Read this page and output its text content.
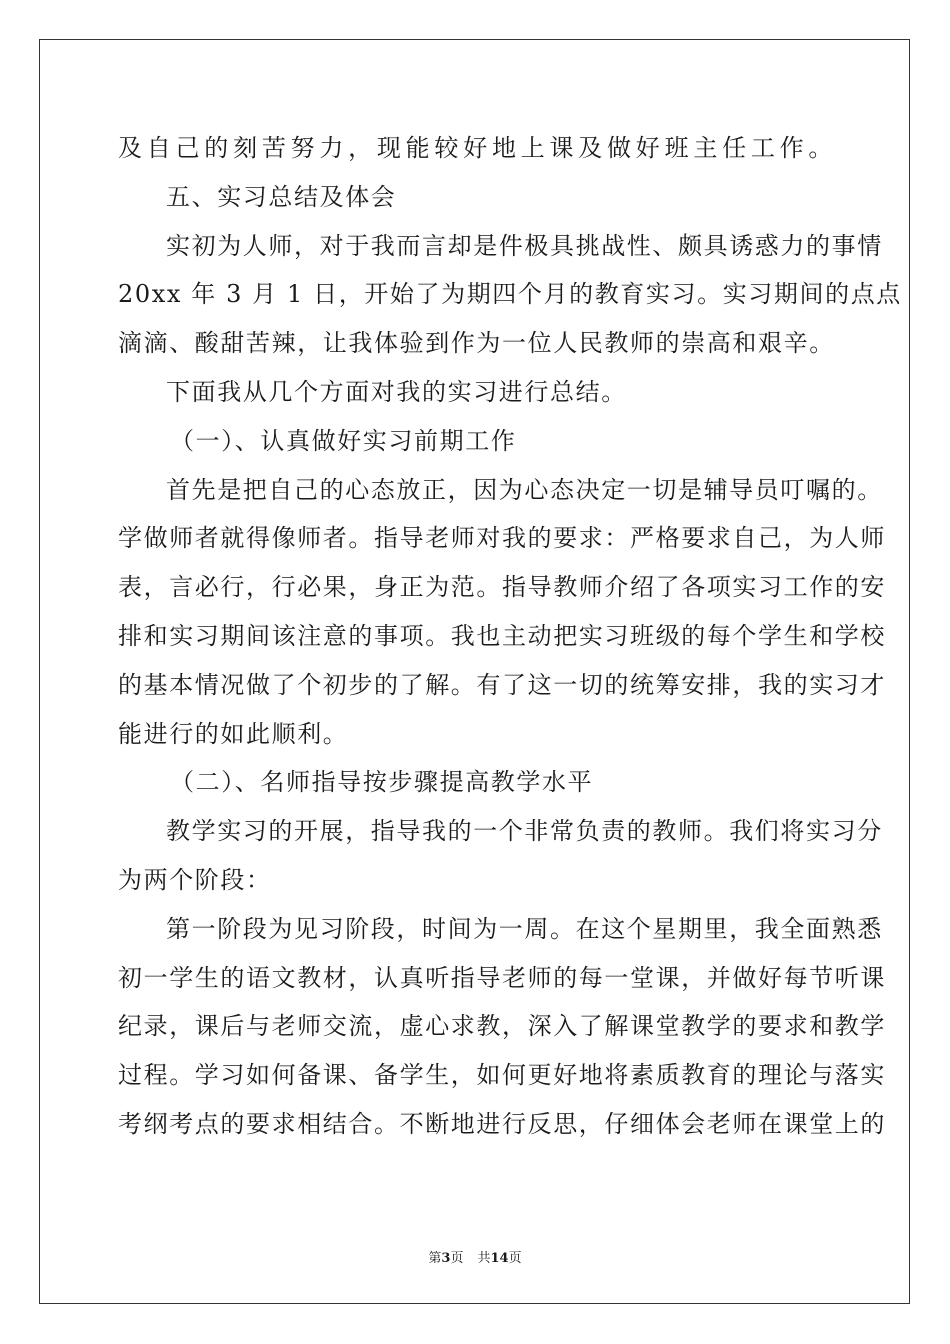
及自己的刻苦努力，现能较好地上课及做好班主任工作。
五、实习总结及体会
实初为人师，对于我而言却是件极具挑战性、颇具诱惑力的事情
20xx 年 3 月 1 日，开始了为期四个月的教育实习。实习期间的点点
滴滴、酸甜苦辣，让我体验到作为一位人民教师的崇高和艰辛。
下面我从几个方面对我的实习进行总结。
（一）、认真做好实习前期工作
首先是把自己的心态放正，因为心态决定一切是辅导员叮嘱的。
学做师者就得像师者。指导老师对我的要求：严格要求自己，为人师
表，言必行，行必果，身正为范。指导教师介绍了各项实习工作的安
排和实习期间该注意的事项。我也主动把实习班级的每个学生和学校
的基本情况做了个初步的了解。有了这一切的统筹安排，我的实习才
能进行的如此顺利。
（二）、名师指导按步骤提高教学水平
教学实习的开展，指导我的一个非常负责的教师。我们将实习分
为两个阶段：
第一阶段为见习阶段，时间为一周。在这个星期里，我全面熟悉
初一学生的语文教材，认真听指导老师的每一堂课，并做好每节听课
纪录，课后与老师交流，虚心求教，深入了解课堂教学的要求和教学
过程。学习如何备课、备学生，如何更好地将素质教育的理论与落实
考纲考点的要求相结合。不断地进行反思，仔细体会老师在课堂上的
第3页 共14页
